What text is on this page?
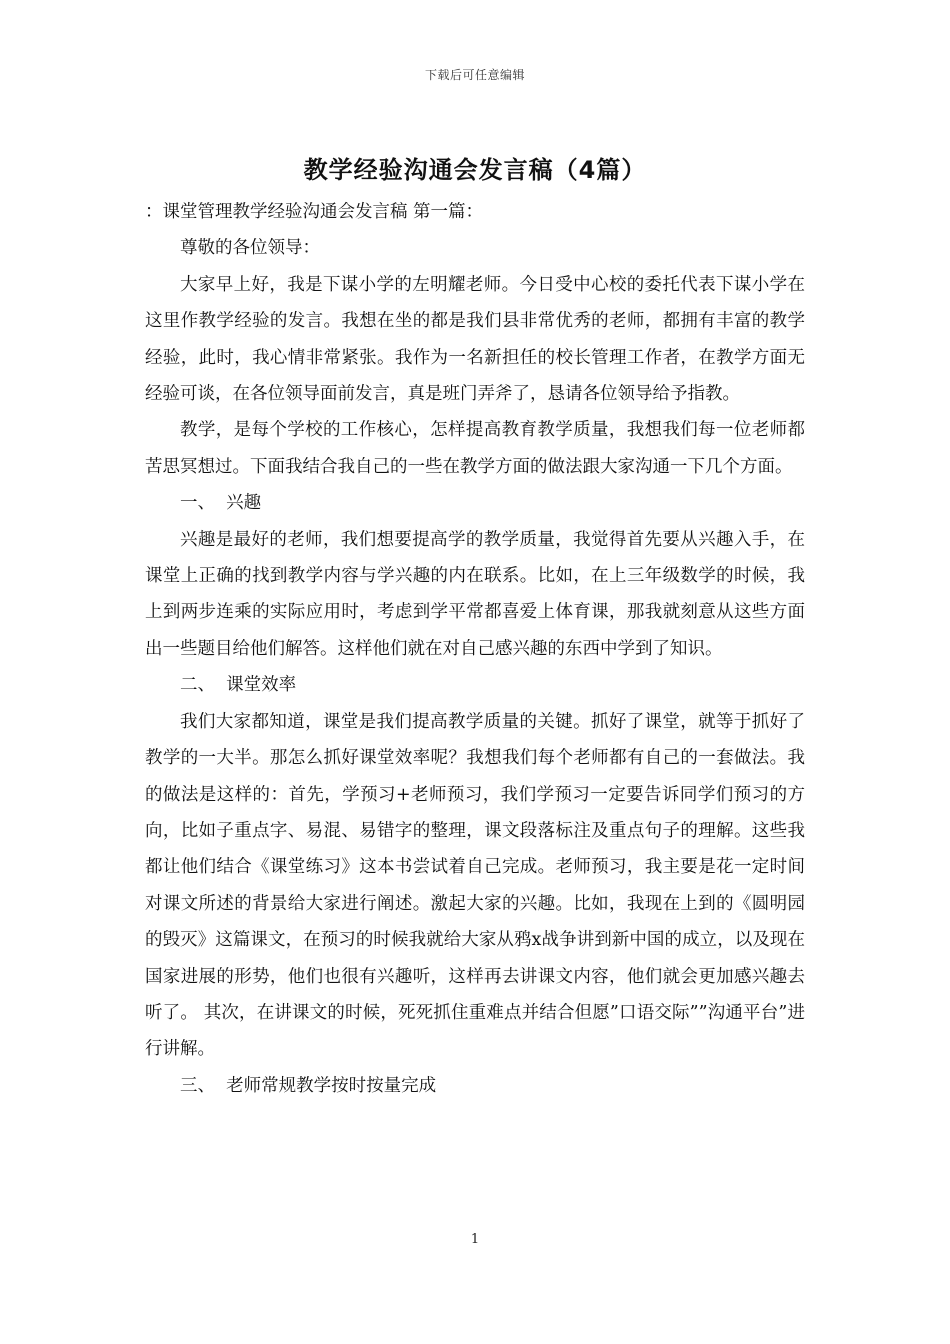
下载后可任意编辑
教学经验沟通会发言稿（4篇）

：课堂管理教学经验沟通会发言稿 第一篇：

尊敬的各位领导：

大家早上好，我是下谋小学的左明耀老师。今日受中心校的委托代表下谋小学在这里作教学经验的发言。我想在坐的都是我们县非常优秀的老师，都拥有丰富的教学经验，此时，我心情非常紧张。我作为一名新担任的校长管理工作者，在教学方面无经验可谈，在各位领导面前发言，真是班门弄斧了，恳请各位领导给予指教。

教学，是每个学校的工作核心，怎样提高教育教学质量，我想我们每一位老师都苦思冥想过。下面我结合我自己的一些在教学方面的做法跟大家沟通一下几个方面。

一、  兴趣

兴趣是最好的老师，我们想要提高学的教学质量，我觉得首先要从兴趣入手，在课堂上正确的找到教学内容与学兴趣的内在联系。比如，在上三年级数学的时候，我上到两步连乘的实际应用时，考虑到学平常都喜爱上体育课，那我就刻意从这些方面出一些题目给他们解答。这样他们就在对自己感兴趣的东西中学到了知识。

二、  课堂效率

我们大家都知道，课堂是我们提高教学质量的关键。抓好了课堂，就等于抓好了教学的一大半。那怎么抓好课堂效率呢？我想我们每个老师都有自己的一套做法。我的做法是这样的：首先，学预习+老师预习，我们学预习一定要告诉同学们预习的方向，比如子重点字、易混、易错字的整理，课文段落标注及重点句子的理解。这些我都让他们结合《课堂练习》这本书尝试着自己完成。老师预习，我主要是花一定时间对课文所述的背景给大家进行阐述。激起大家的兴趣。比如，我现在上到的《圆明园的毁灭》这篇课文，在预习的时候我就给大家从鸦x战争讲到新中国的成立，以及现在国家进展的形势，他们也很有兴趣听，这样再去讲课文内容，他们就会更加感兴趣去听了。 其次，在讲课文的时候，死死抓住重难点并结合但愿”口语交际””沟通平台”进行讲解。

三、  老师常规教学按时按量完成

1
